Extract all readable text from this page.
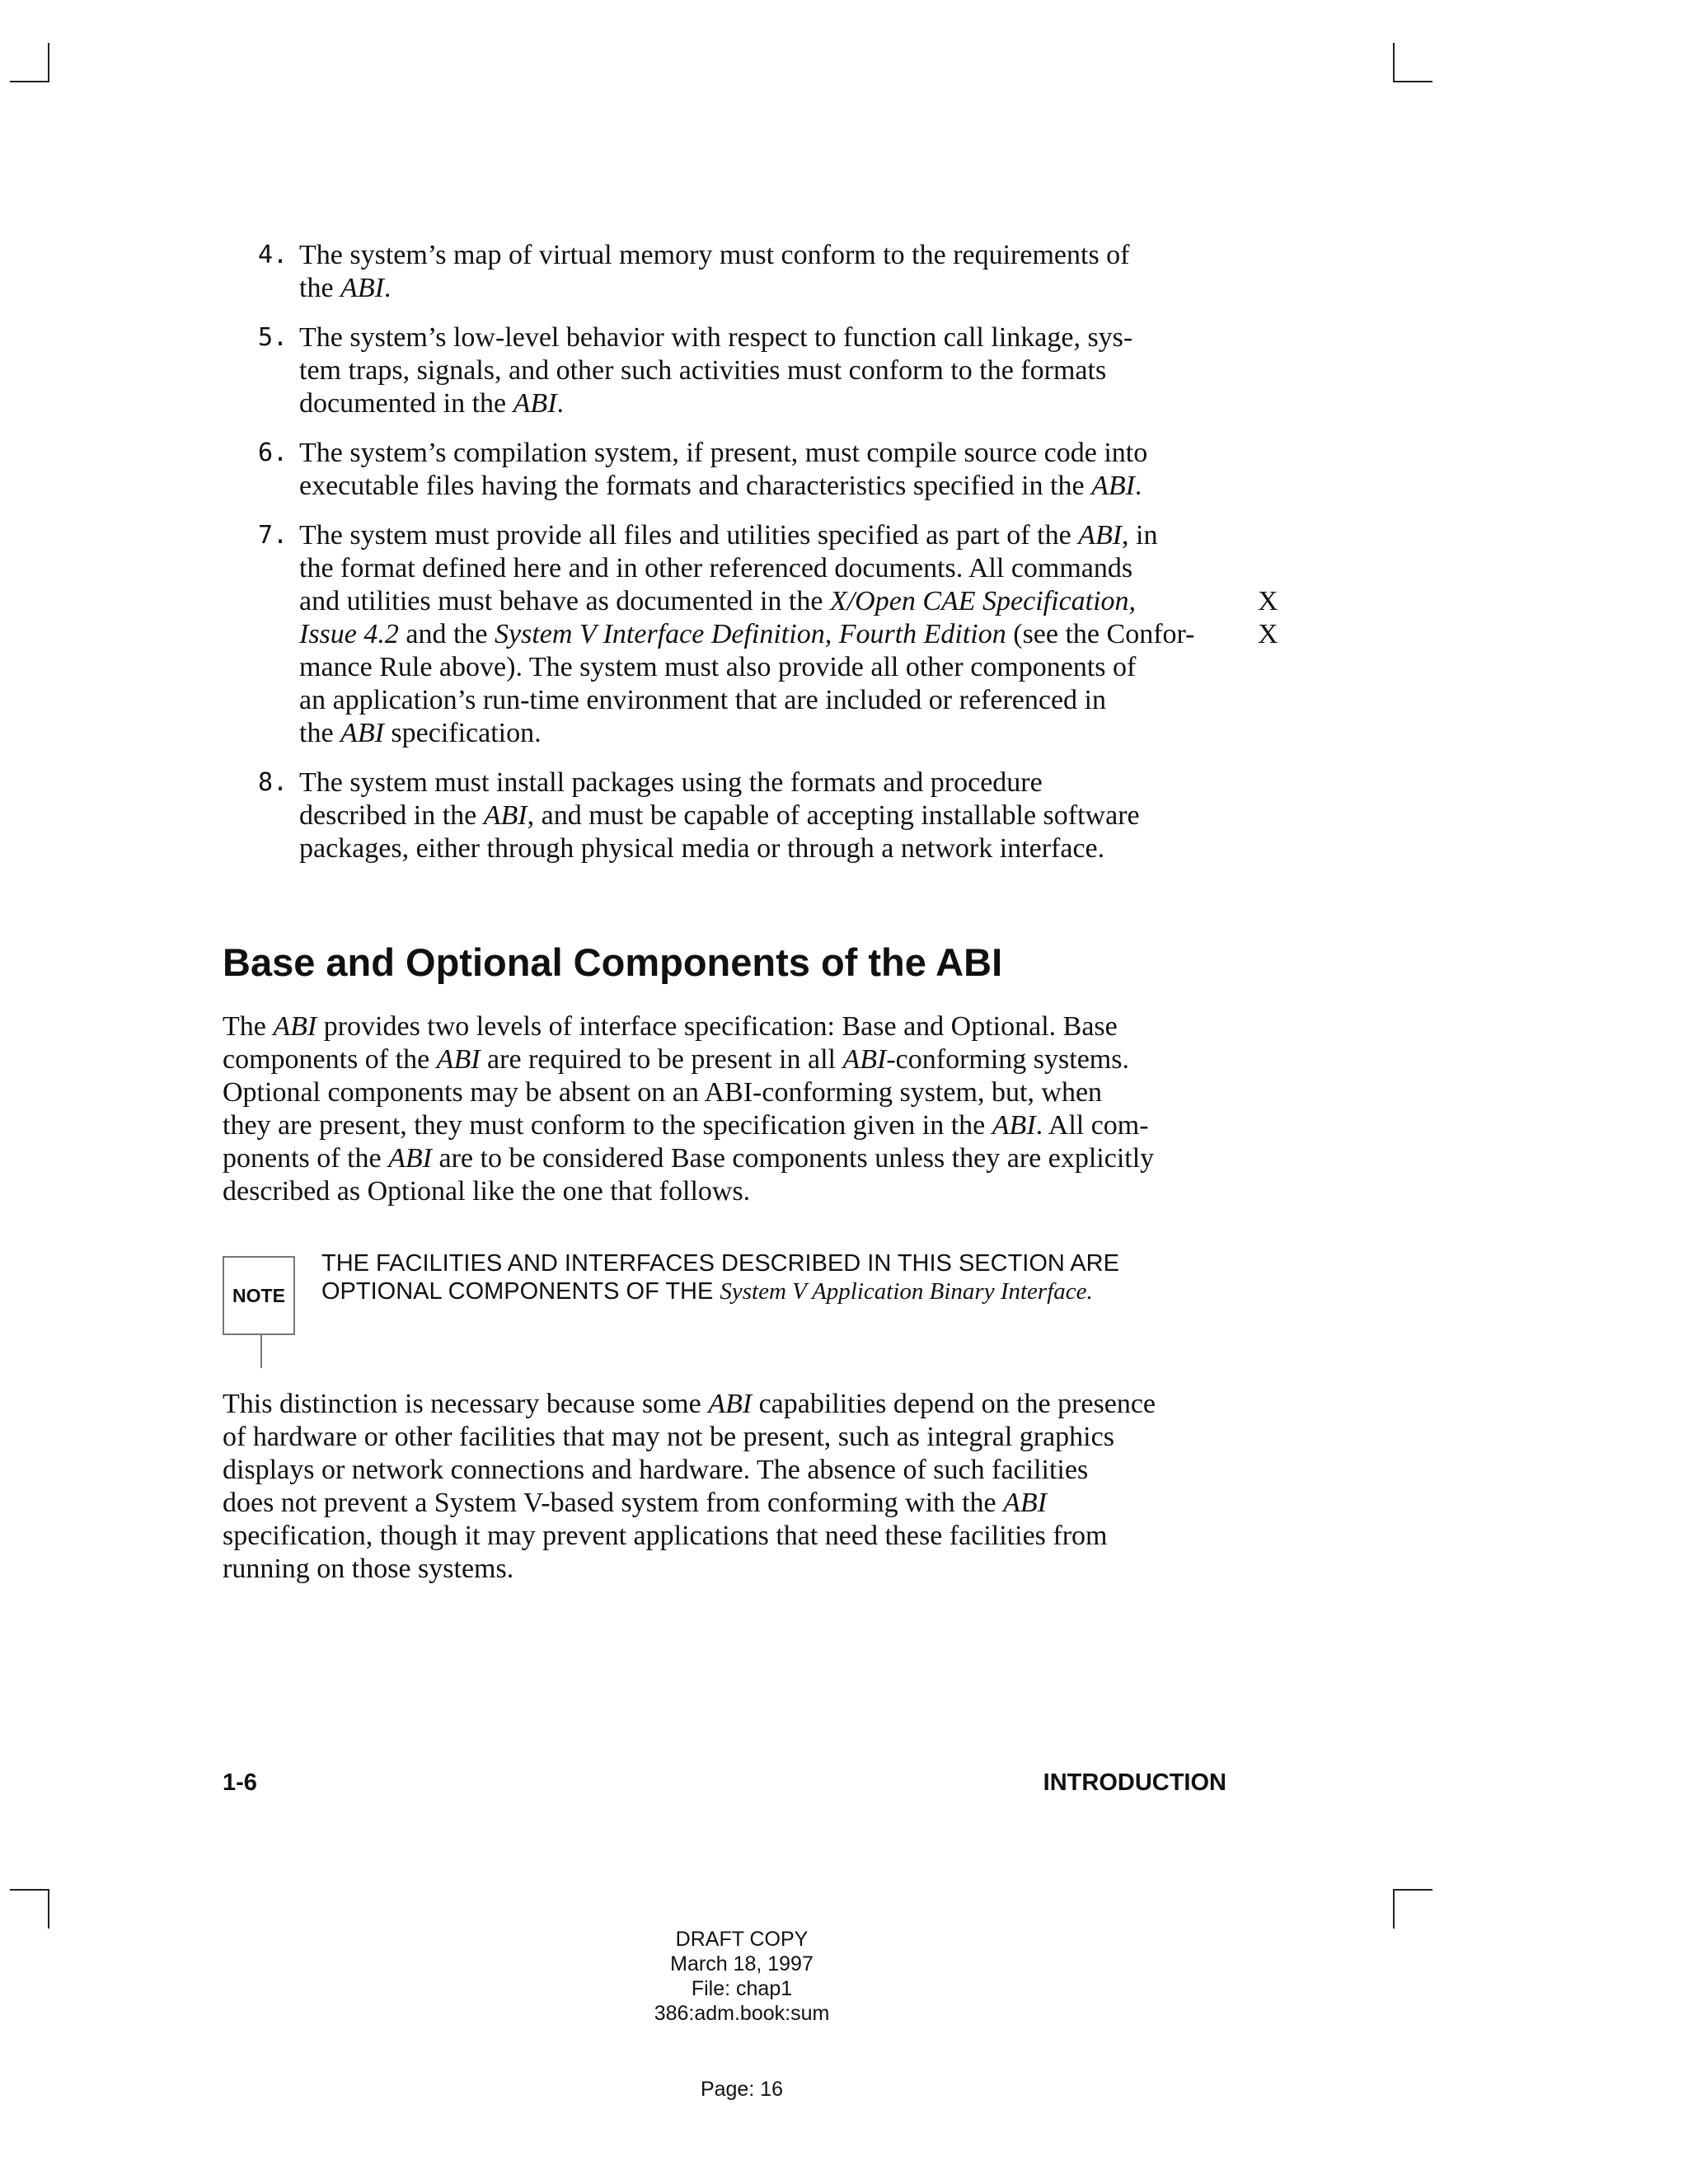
4. The system’s map of virtual memory must conform to the requirements of
the ABI.
5. The system’s low-level behavior with respect to function call linkage, sys-
tem traps, signals, and other such activities must conform to the formats
documented in the ABI.
6. The system’s compilation system, if present, must compile source code into
executable files having the formats and characteristics specified in the ABI.
7. The system must provide all files and utilities specified as part of the ABI, in
the format defined here and in other referenced documents. All commands
and utilities must behave as documented in the X/Open CAE Specification,
Issue 4.2 and the System V Interface Definition, Fourth Edition (see the Confor-
mance Rule above). The system must also provide all other components of
an application’s run-time environment that are included or referenced in
the ABI specification.
8. The system must install packages using the formats and procedure
described in the ABI, and must be capable of accepting installable software
packages, either through physical media or through a network interface.
X
X
Base and Optional Components of the ABI
The ABI provides two levels of interface specification: Base and Optional. Base
components of the ABI are required to be present in all ABI-conforming systems.
Optional components may be absent on an ABI-conforming system, but, when
they are present, they must conform to the specification given in the ABI. All com-
ponents of the ABI are to be considered Base components unless they are explicitly
described as Optional like the one that follows.
NOTE
THE FACILITIES AND INTERFACES DESCRIBED IN THIS SECTION ARE
OPTIONAL COMPONENTS OF THE System V Application Binary Interface.
This distinction is necessary because some ABI capabilities depend on the presence
of hardware or other facilities that may not be present, such as integral graphics
displays or network connections and hardware. The absence of such facilities
does not prevent a System V-based system from conforming with the ABI
specification, though it may prevent applications that need these facilities from
running on those systems.
1-6	INTRODUCTION
DRAFT COPY
March 18, 1997
File: chap1
386:adm.book:sum
Page: 16
